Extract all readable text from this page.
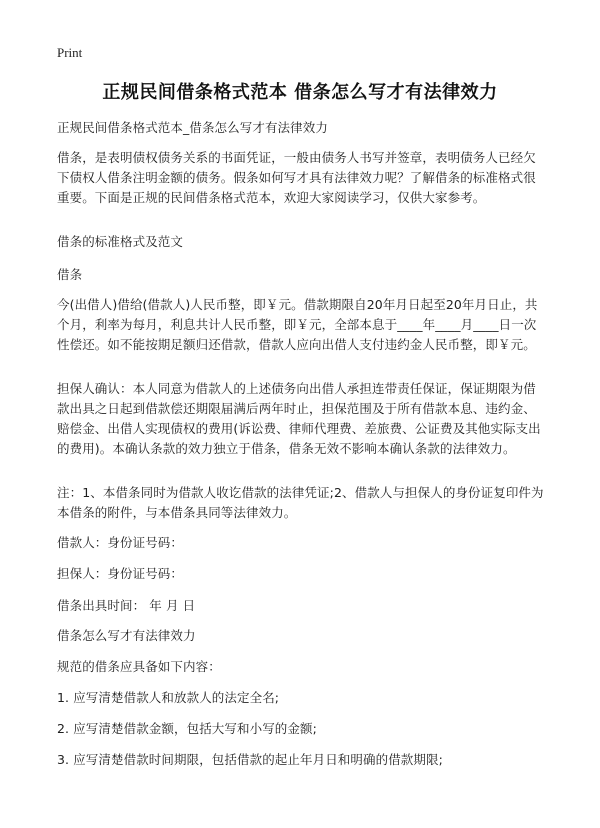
Print
正规民间借条格式范本 借条怎么写才有法律效力
正规民间借条格式范本_借条怎么写才有法律效力
借条，是表明债权债务关系的书面凭证，一般由债务人书写并签章，表明债务人已经欠下债权人借条注明金额的债务。假条如何写才具有法律效力呢？了解借条的标准格式很重要。下面是正规的民间借条格式范本，欢迎大家阅读学习，仅供大家参考。
借条的标准格式及范文
借条
今(出借人)借给(借款人)人民币整，即￥元。借款期限自20年月日起至20年月日止，共个月，利率为每月，利息共计人民币整，即￥元，全部本息于____年____月____日一次性偿还。如不能按期足额归还借款，借款人应向出借人支付违约金人民币整，即￥元。
担保人确认：本人同意为借款人的上述债务向出借人承担连带责任保证，保证期限为借款出具之日起到借款偿还期限届满后两年时止，担保范围及于所有借款本息、违约金、赔偿金、出借人实现债权的费用(诉讼费、律师代理费、差旅费、公证费及其他实际支出的费用)。本确认条款的效力独立于借条，借条无效不影响本确认条款的法律效力。
注：1、本借条同时为借款人收讫借款的法律凭证;2、借款人与担保人的身份证复印件为本借条的附件，与本借条具同等法律效力。
借款人：身份证号码：
担保人：身份证号码：
借条出具时间： 年 月 日
借条怎么写才有法律效力
规范的借条应具备如下内容：
1. 应写清楚借款人和放款人的法定全名;
2. 应写清楚借款金额，包括大写和小写的金额;
3. 应写清楚借款时间期限，包括借款的起止年月日和明确的借款期限;
